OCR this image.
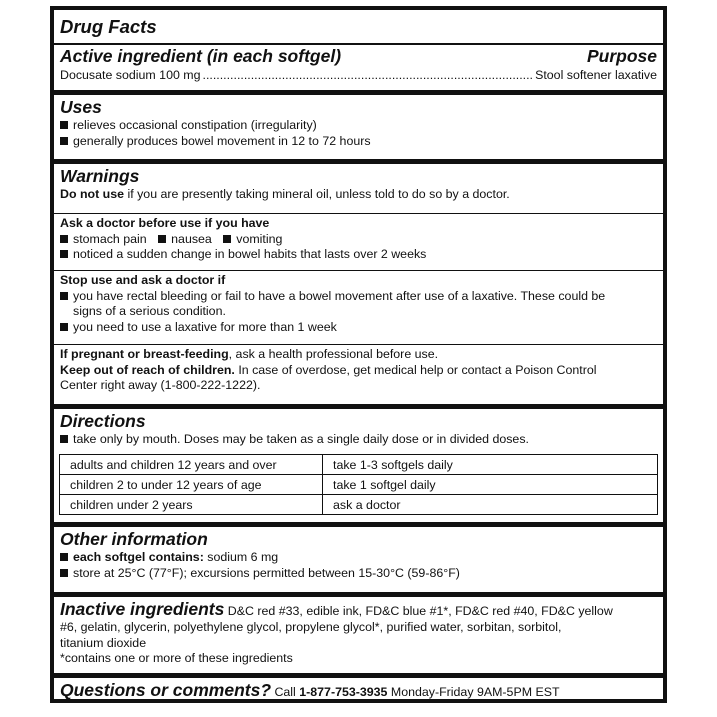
Drug Facts
Active ingredient (in each softgel)	Purpose
Docusate sodium 100 mg .....	Stool softener laxative
Uses
relieves occasional constipation (irregularity)
generally produces bowel movement in 12 to 72 hours
Warnings
Do not use if you are presently taking mineral oil, unless told to do so by a doctor.
Ask a doctor before use if you have
stomach pain nausea vomiting
noticed a sudden change in bowel habits that lasts over 2 weeks
Stop use and ask a doctor if
you have rectal bleeding or fail to have a bowel movement after use of a laxative. These could be
signs of a serious condition.
you need to use a laxative for more than 1 week
If pregnant or breast-feeding, ask a health professional before use.
Keep out of reach of children. In case of overdose, get medical help or contact a Poison Control
Center right away (1-800-222-1222).
Directions
take only by mouth. Doses may be taken as a single daily dose or in divided doses.
adults and children 12 years and over	take 1-3 softgels daily
children 2 to under 12 years of age	take 1 softgel daily
children under 2 years	ask a doctor
Other information
each softgel contains: sodium 6 mg
store at 25°C (77°F); excursions permitted between 15-30°C (59-86°F)
Inactive ingredients D&C red #33, edible ink, FD&C blue #1*, FD&C red #40, FD&C yellow
#6, gelatin, glycerin, polyethylene glycol, propylene glycol*, purified water, sorbitan, sorbitol,
titanium dioxide
*contains one or more of these ingredients
Questions or comments? Call 1-877-753-3935 Monday-Friday 9AM-5PM EST
